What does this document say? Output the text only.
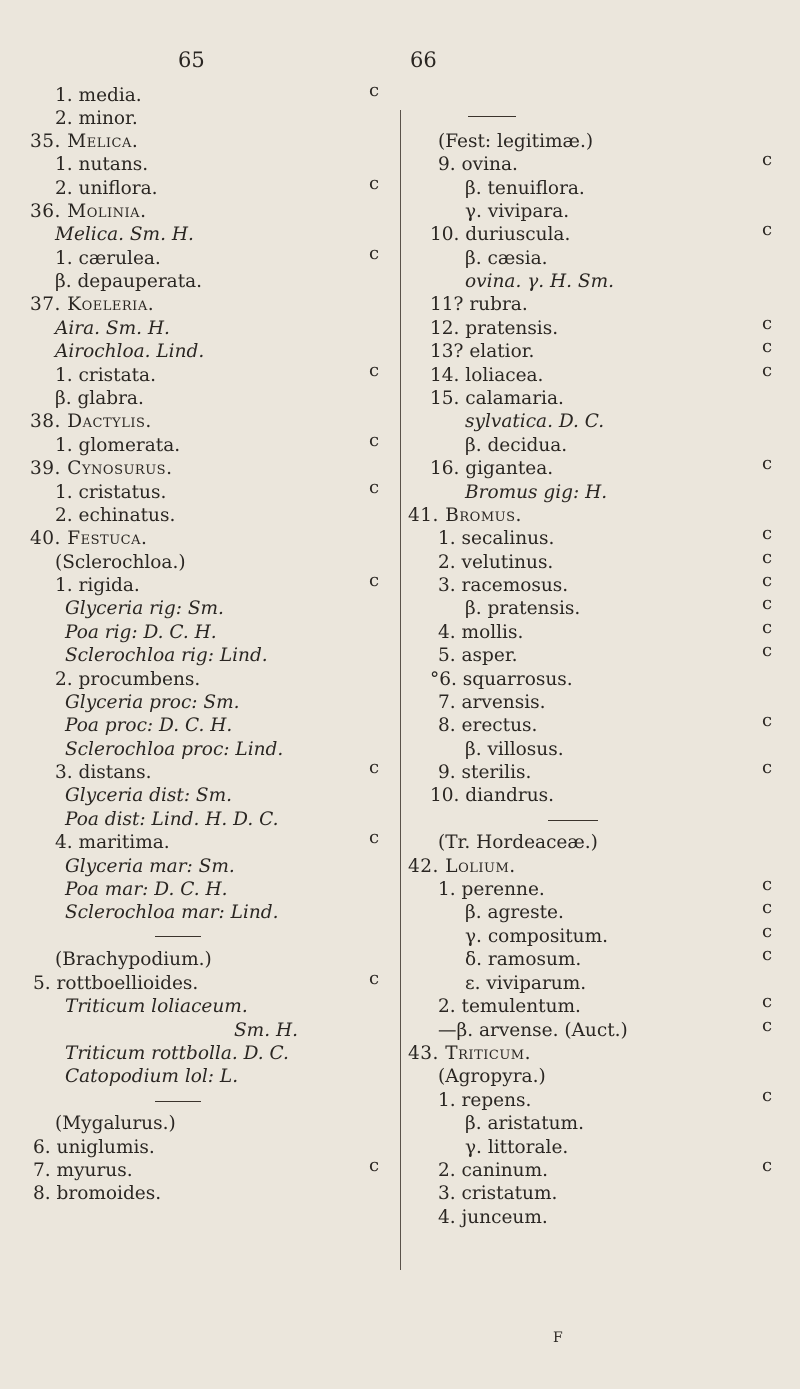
65	66
1. media.	c
2. minor.
35. Melica.
1. nutans.
2. uniflora.	c
36. Molinia.
Melica. Sm. H.
1. cærulea.	c
β. depauperata.
37. Koeleria.
Aira. Sm. H.
Airochloa. Lind.
1. cristata.	c
β. glabra.
38. Dactylis.
1. glomerata.	c
39. Cynosurus.
1. cristatus.	c
2. echinatus.
40. Festuca.
(Sclerochloa.)
1. rigida.	c
Glyceria rig: Sm.
Poa rig: D. C. H.
Sclerochloa rig: Lind.
2. procumbens.
Glyceria proc: Sm.
Poa proc: D. C. H.
Sclerochloa proc: Lind.
3. distans.	c
Glyceria dist: Sm.
Poa dist: Lind. H. D. C.
4. maritima.	c
Glyceria mar: Sm.
Poa mar: D. C. H.
Sclerochloa mar: Lind.
(Brachypodium.)
5. rottboellioides.	c
Triticum loliaceum.
Sm. H.
Triticum rottbolla. D. C.
Catopodium lol: L.
(Mygalurus.)
6. uniglumis.
7. myurus.	c
8. bromoides.
(Fest: legitimæ.)
9. ovina.	c
β. tenuiflora.
γ. vivipara.
10. duriuscula.	c
β. cæsia.
ovina. γ. H. Sm.
11? rubra.
12. pratensis.	c
13? elatior.	c
14. loliacea.	c
15. calamaria.
sylvatica. D. C.
β. decidua.
16. gigantea.	c
Bromus gig: H.
41. Bromus.
1. secalinus.	c
2. velutinus.	c
3. racemosus.	c
β. pratensis.	c
4. mollis.	c
5. asper.	c
°6. squarrosus.
7. arvensis.
8. erectus.	c
β. villosus.
9. sterilis.	c
10. diandrus.
(Tr. Hordeaceæ.)
42. Lolium.
1. perenne.	c
β. agreste.	c
γ. compositum.	c
δ. ramosum.	c
ε. viviparum.
2. temulentum.	c
—β. arvense. (Auct.)	c
43. Triticum.
(Agropyra.)
1. repens.	c
β. aristatum.
γ. littorale.
2. caninum.	c
3. cristatum.
4. junceum.
F
